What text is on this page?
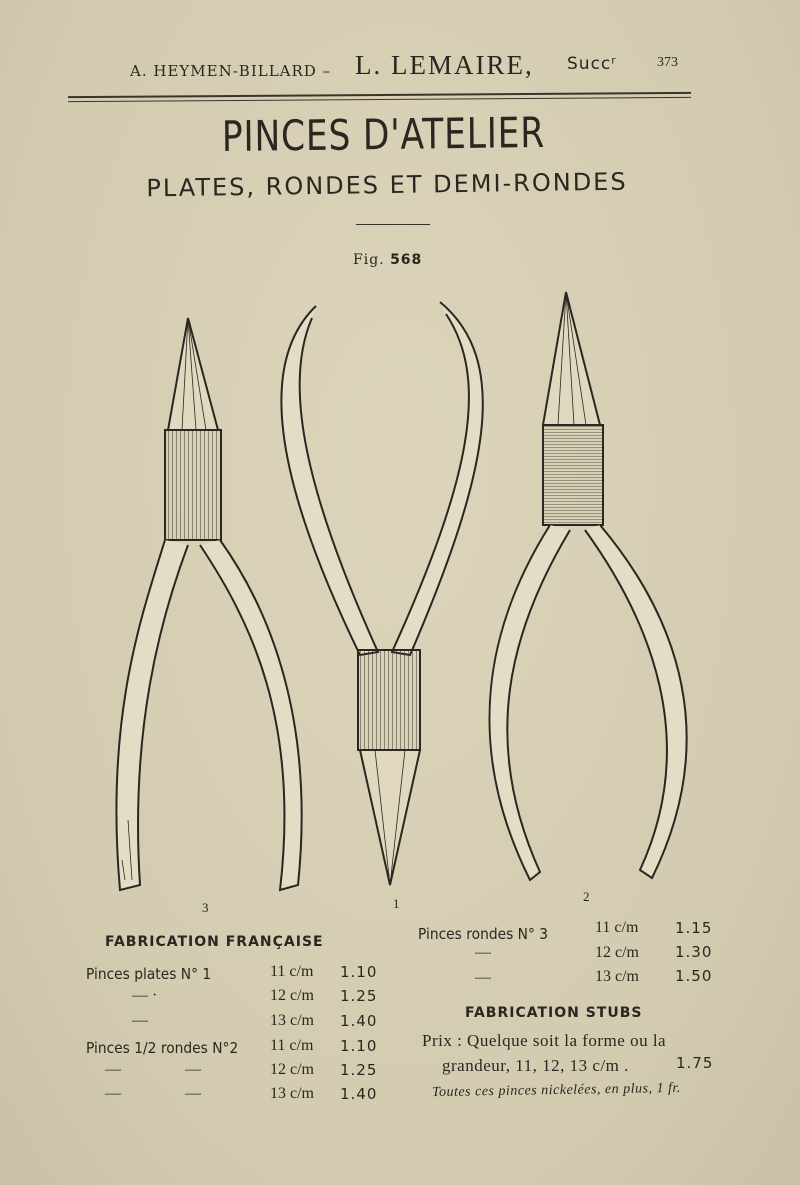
A. HEYMEN-BILLARD – L. LEMAIRE, Succʳ	373
PINCES D'ATELIER
PLATES, RONDES ET DEMI-RONDES
Fig. 568
3	1	2
FABRICATION FRANÇAISE
Pinces plates N° 1	11 c/m 1.10
— ·	12 c/m 1.25
—	13 c/m 1.40
Pinces 1/2 rondes N°2 11 c/m 1.10
— —	12 c/m 1.25
— —	13 c/m 1.40
Pinces rondes N° 3	11 c/m 1.15
—	12 c/m 1.30
—	13 c/m 1.50
FABRICATION STUBS
Prix : Quelque soit la forme ou la
grandeur, 11, 12, 13 c/m .	1.75
Toutes ces pinces nickelées, en plus, 1 fr.
